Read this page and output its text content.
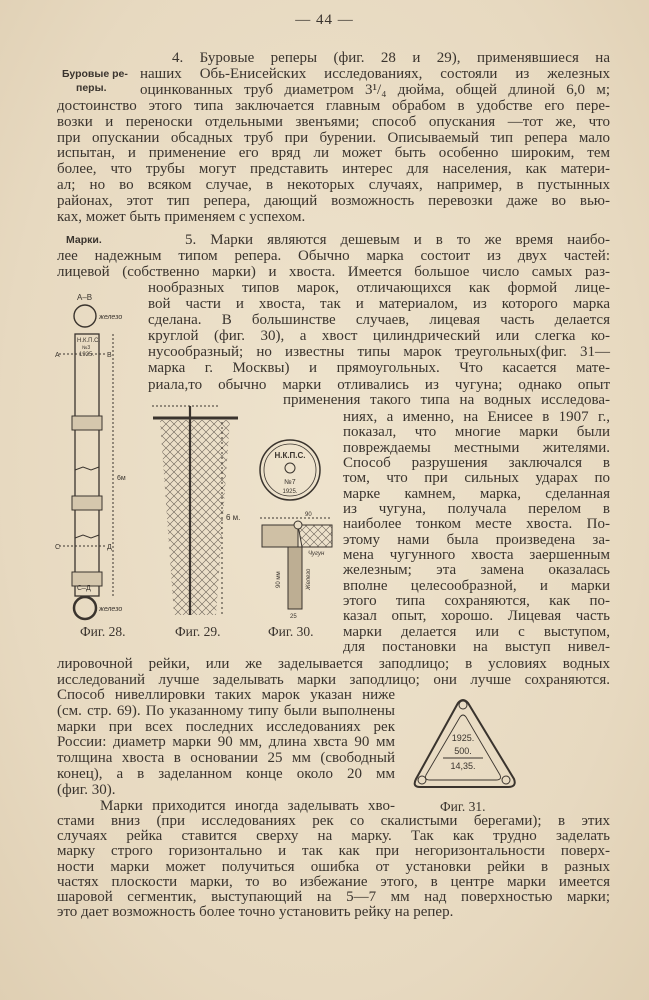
— 44 —
Буровые ре-
перы.
Марки.
4. Буровые реперы (фиг. 28 и 29), применявшиеся на
наших Обь-Енисейских исследованиях, состояли из железных
оцинкованных труб диаметром 3¹/₄ дюйма, общей длиной 6,0 м;
достоинство этого типа заключается главным обрабом в удобстве его пере-
возки и переноски отдельными звенъями; способ опускания —тот же, что
при опускании обсадных труб при бурении. Описываемый тип репера мало
испытан, и применение его вряд ли может быть особенно широким, тем
более, что трубы могут представить интерес для населения, как матери-
ал; но во всяком случае, в некоторых случаях, например, в пустынных
районах, этот тип репера, дающий возможность перевозки даже во вью-
ках, может быть применяем с успехом.
5. Марки являются дешевым и в то же время наибо-
лее надежным типом репера. Обычно марка состоит из двух частей:
лицевой (собственно марки) и хвоста. Имеется большое число самых раз-
нообразных типов марок, отличающихся как формой лице-
вой части и хвоста, так и материалом, из которого марка
сделана. В большинстве случаев, лицевая часть делается
круглой (фиг. 30), а хвост цилиндрический или слегка ко-
нусообразный; но известны типы марок треугольных(фиг. 31—
марка г. Москвы) и прямоугольных. Что касается мате-
риала,то обычно марки отливались из чугуна; однако опыт
применения такого типа на водных исследова-
ниях, а именно, на Енисее в 1907 г.,
показал, что многие марки были
повреждаемы местными жителями.
Способ разрушения заключался в
том, что при сильных ударах по
марке камнем, марка, сделанная
из чугуна, получала перелом в
наиболее тонком месте хвоста. По-
этому нами была произведена за-
мена чугунного хвоста заершенным
железным; эта замена оказалась
вполне целесообразной, и марки
этого типа сохраняются, как по-
казал опыт, хорошо. Лицевая часть
марки делается или с выступом,
для постановки на выступ нивел-
лировочной рейки, или же заделывается заподлицо; в условиях водных
исследований лучше заделывать марки заподлицо; они лучше сохраняются.
Способ нивеллировки таких марок указан ниже
(см. стр. 69). По указанному типу были выполнены
марки при всех последних исследованиях рек
России: диаметр марки 90 мм, длина хвста 90 мм
толщина хвоста в основании 25 мм (свободный
конец), а в заделанном конце около 20 мм
(фиг. 30).
Марки приходится иногда заделывать хво-
стами вниз (при исследованиях рек со скалистыми берегами); в этих
случаях рейка ставится сверху на марку. Так как трудно заделать
марку строго горизонтально и так как при негоризонтальности поверх-
ности марки может получиться ошибка от установки рейки в разных
частях плоскости марки, то во избежание этого, в центре марки имеется
шаровой сегментик, выступающий на 5—7 мм над поверхностью марки;
это дает возможность более точно установить рейку на репер.
А–В
железо
Н.К.П.С.
№3
1925.
А	В
С	Д
6м
С–Д
железо
Фиг. 28.
6 м.
Фиг. 29.
Н.К.П.С.
№7
1925.
90
Чугун
Железо
90 мм
25
Фиг. 30.
1925.
500.
14,35.
Фиг. 31.
